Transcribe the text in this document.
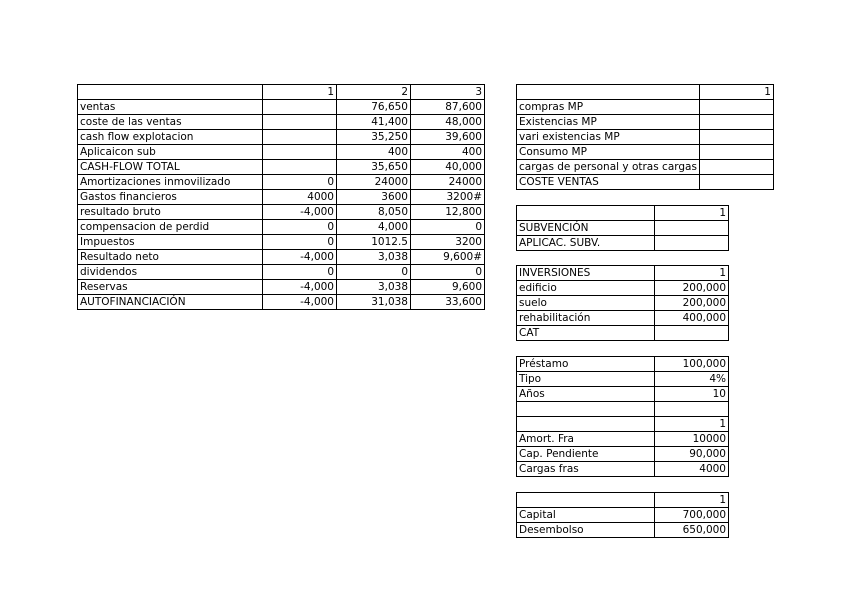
	1	2	3
ventas		76,650	87,600
coste de las ventas		41,400	48,000
cash flow explotacion		35,250	39,600
Aplicaicon sub		400	400
CASH-FLOW TOTAL		35,650	40,000
Amortizaciones inmovilizado	0	24000	24000
Gastos financieros	4000	3600	3200#
resultado bruto	-4,000	8,050	12,800
compensacion de perdid	0	4,000	0
Impuestos	0	1012.5	3200
Resultado neto	-4,000	3,038	9,600#
dividendos	0	0	0
Reservas	-4,000	3,038	9,600
AUTOFINANCIACIÓN	-4,000	31,038	33,600
	1
compras MP	
Existencias MP	
vari existencias MP	
Consumo MP	
cargas de personal y otras cargas	
COSTE VENTAS	
	1
SUBVENCIÓN	
APLICAC. SUBV.	
INVERSIONES	1
edificio	200,000
suelo	200,000
rehabilitación	400,000
CAT	
Préstamo	100,000
Tipo	4%
Años	10

	1
Amort. Fra	10000
Cap. Pendiente	90,000
Cargas fras	4000
	1
Capital	700,000
Desembolso	650,000
